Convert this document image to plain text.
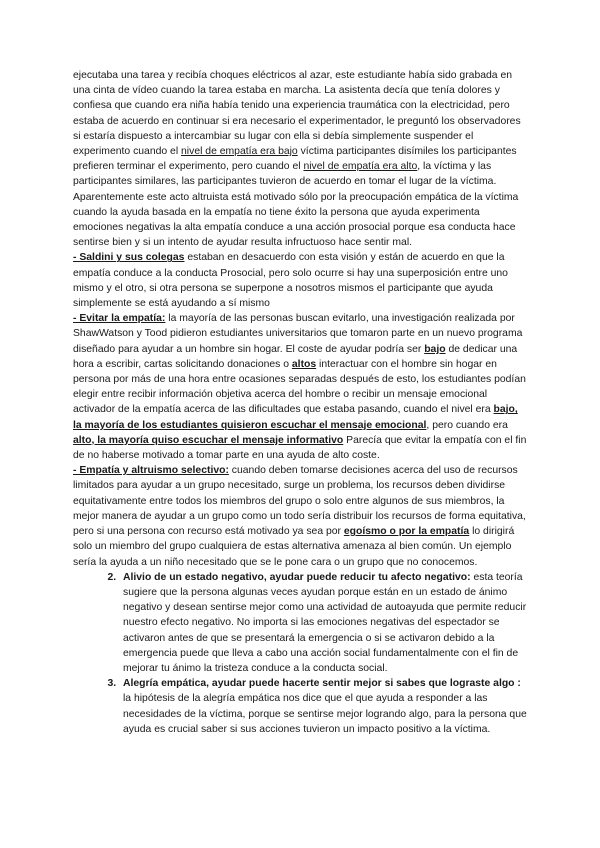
ejecutaba una tarea y recibía choques eléctricos al azar, este estudiante había sido grabada en una cinta de vídeo cuando la tarea estaba en marcha. La asistenta decía que tenía dolores y confiesa que cuando era niña había tenido una experiencia traumática con la electricidad, pero estaba de acuerdo en continuar si era necesario el experimentador, le preguntó los observadores si estaría dispuesto a intercambiar su lugar con ella si debía simplemente suspender el experimento cuando el nivel de empatía era bajo víctima participantes disímiles los participantes prefieren terminar el experimento, pero cuando el nivel de empatía era alto, la víctima y las participantes similares, las participantes tuvieron de acuerdo en tomar el lugar de la víctima. Aparentemente este acto altruista está motivado sólo por la preocupación empática de la víctima cuando la ayuda basada en la empatía no tiene éxito la persona que ayuda experimenta emociones negativas la alta empatía conduce a una acción prosocial porque esa conducta hace sentirse bien y si un intento de ayudar resulta infructuoso hace sentir mal.

- Saldini y sus colegas estaban en desacuerdo con esta visión y están de acuerdo en que la empatía conduce a la conducta Prosocial, pero solo ocurre si hay una superposición entre uno mismo y el otro, si otra persona se superpone a nosotros mismos el participante que ayuda simplemente se está ayudando a sí mismo

- Evitar la empatía: la mayoría de las personas buscan evitarlo, una investigación realizada por ShawWatson y Tood pidieron estudiantes universitarios que tomaron parte en un nuevo programa diseñado para ayudar a un hombre sin hogar. El coste de ayudar podría ser bajo de dedicar una hora a escribir, cartas solicitando donaciones o altos interactuar con el hombre sin hogar en persona por más de una hora entre ocasiones separadas después de esto, los estudiantes podían elegir entre recibir información objetiva acerca del hombre o recibir un mensaje emocional activador de la empatía acerca de las dificultades que estaba pasando, cuando el nivel era bajo, la mayoría de los estudiantes quisieron escuchar el mensaje emocional, pero cuando era alto, la mayoría quiso escuchar el mensaje informativo Parecía que evitar la empatía con el fin de no haberse motivado a tomar parte en una ayuda de alto coste.

- Empatía y altruismo selectivo: cuando deben tomarse decisiones acerca del uso de recursos limitados para ayudar a un grupo necesitado, surge un problema, los recursos deben dividirse equitativamente entre todos los miembros del grupo o solo entre algunos de sus miembros, la mejor manera de ayudar a un grupo como un todo sería distribuir los recursos de forma equitativa, pero si una persona con recurso está motivado ya sea por egoísmo o por la empatía lo dirigirá solo un miembro del grupo cualquiera de estas alternativa amenaza al bien común. Un ejemplo sería la ayuda a un niño necesitado que se le pone cara o un grupo que no conocemos.

2. Alivio de un estado negativo, ayudar puede reducir tu afecto negativo: esta teoría sugiere que la persona algunas veces ayudan porque están en un estado de ánimo negativo y desean sentirse mejor como una actividad de autoayuda que permite reducir nuestro efecto negativo. No importa si las emociones negativas del espectador se activaron antes de que se presentará la emergencia o si se activaron debido a la emergencia puede que lleva a cabo una acción social fundamentalmente con el fin de mejorar tu ánimo la tristeza conduce a la conducta social.
3. Alegría empática, ayudar puede hacerte sentir mejor si sabes que lograste algo : la hipótesis de la alegría empática nos dice que el que ayuda a responder a las necesidades de la víctima, porque se sentirse mejor logrando algo, para la persona que ayuda es crucial saber si sus acciones tuvieron un impacto positivo a la víctima.
